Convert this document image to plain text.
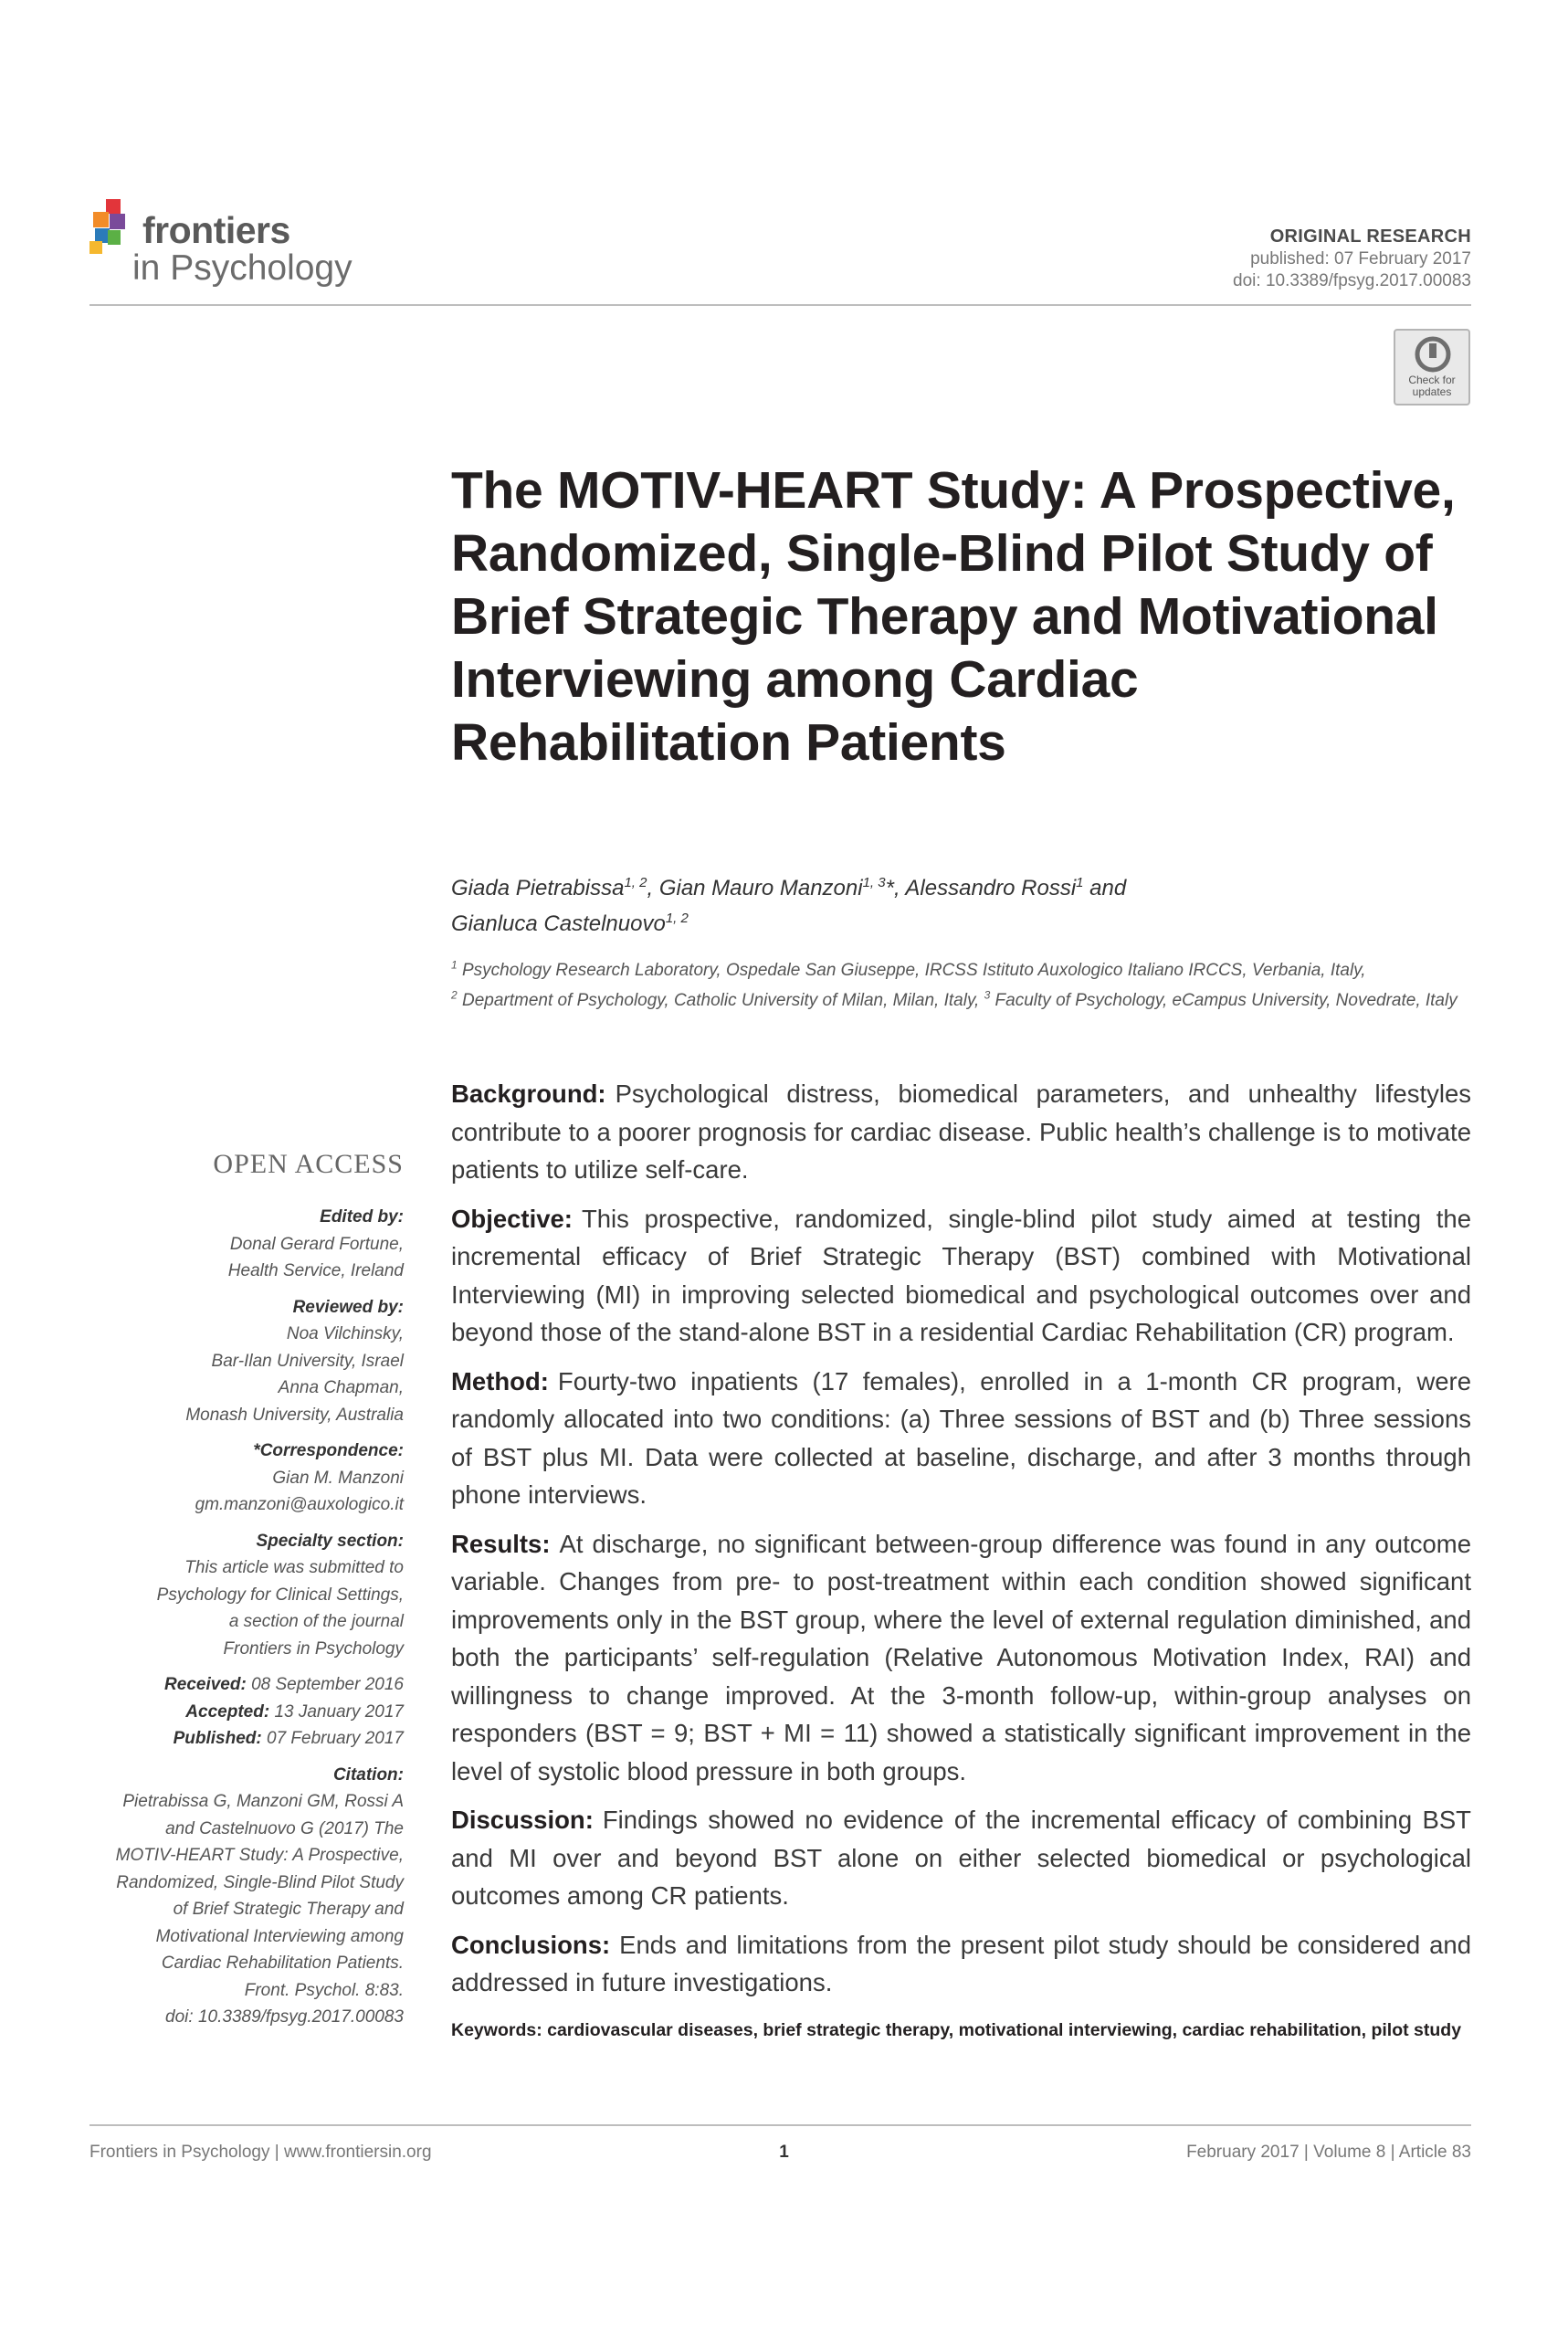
frontiers
in Psychology
ORIGINAL RESEARCH
published: 07 February 2017
doi: 10.3389/fpsyg.2017.00083
Check for updates
The MOTIV-HEART Study: A Prospective, Randomized, Single-Blind Pilot Study of Brief Strategic Therapy and Motivational Interviewing among Cardiac Rehabilitation Patients
Giada Pietrabissa$^{1, 2}$, Gian Mauro Manzoni$^{1, 3}$*, Alessandro Rossi$^1$ and
Gianluca Castelnuovo$^{1, 2}$
$^1$ Psychology Research Laboratory, Ospedale San Giuseppe, IRCSS Istituto Auxologico Italiano IRCCS, Verbania, Italy,
$^2$ Department of Psychology, Catholic University of Milan, Milan, Italy, $^3$ Faculty of Psychology, eCampus University, Novedrate, Italy
OPEN ACCESS
Edited by:
Donal Gerard Fortune,
Health Service, Ireland
Reviewed by:
Noa Vilchinsky,
Bar-Ilan University, Israel
Anna Chapman,
Monash University, Australia
*Correspondence:
Gian M. Manzoni
gm.manzoni@auxologico.it
Specialty section:
This article was submitted to
Psychology for Clinical Settings,
a section of the journal
Frontiers in Psychology
Received: 08 September 2016
Accepted: 13 January 2017
Published: 07 February 2017
Citation:
Pietrabissa G, Manzoni GM, Rossi A
and Castelnuovo G (2017) The
MOTIV-HEART Study: A Prospective,
Randomized, Single-Blind Pilot Study
of Brief Strategic Therapy and
Motivational Interviewing among
Cardiac Rehabilitation Patients.
Front. Psychol. 8:83.
doi: 10.3389/fpsyg.2017.00083

Background: Psychological distress, biomedical parameters, and unhealthy lifestyles contribute to a poorer prognosis for cardiac disease. Public health’s challenge is to motivate patients to utilize self-care.

Objective: This prospective, randomized, single-blind pilot study aimed at testing the incremental efficacy of Brief Strategic Therapy (BST) combined with Motivational Interviewing (MI) in improving selected biomedical and psychological outcomes over and beyond those of the stand-alone BST in a residential Cardiac Rehabilitation (CR) program.

Method: Fourty-two inpatients (17 females), enrolled in a 1-month CR program, were randomly allocated into two conditions: (a) Three sessions of BST and (b) Three sessions of BST plus MI. Data were collected at baseline, discharge, and after 3 months through phone interviews.

Results: At discharge, no significant between-group difference was found in any outcome variable. Changes from pre- to post-treatment within each condition showed significant improvements only in the BST group, where the level of external regulation diminished, and both the participants’ self-regulation (Relative Autonomous Motivation Index, RAI) and willingness to change improved. At the 3-month follow-up, within-group analyses on responders (BST = 9; BST + MI = 11) showed a statistically significant improvement in the level of systolic blood pressure in both groups.

Discussion: Findings showed no evidence of the incremental efficacy of combining BST and MI over and beyond BST alone on either selected biomedical or psychological outcomes among CR patients.

Conclusions: Ends and limitations from the present pilot study should be considered and addressed in future investigations.

Keywords: cardiovascular diseases, brief strategic therapy, motivational interviewing, cardiac rehabilitation, pilot study
Frontiers in Psychology | www.frontiersin.org	1	February 2017 | Volume 8 | Article 83
